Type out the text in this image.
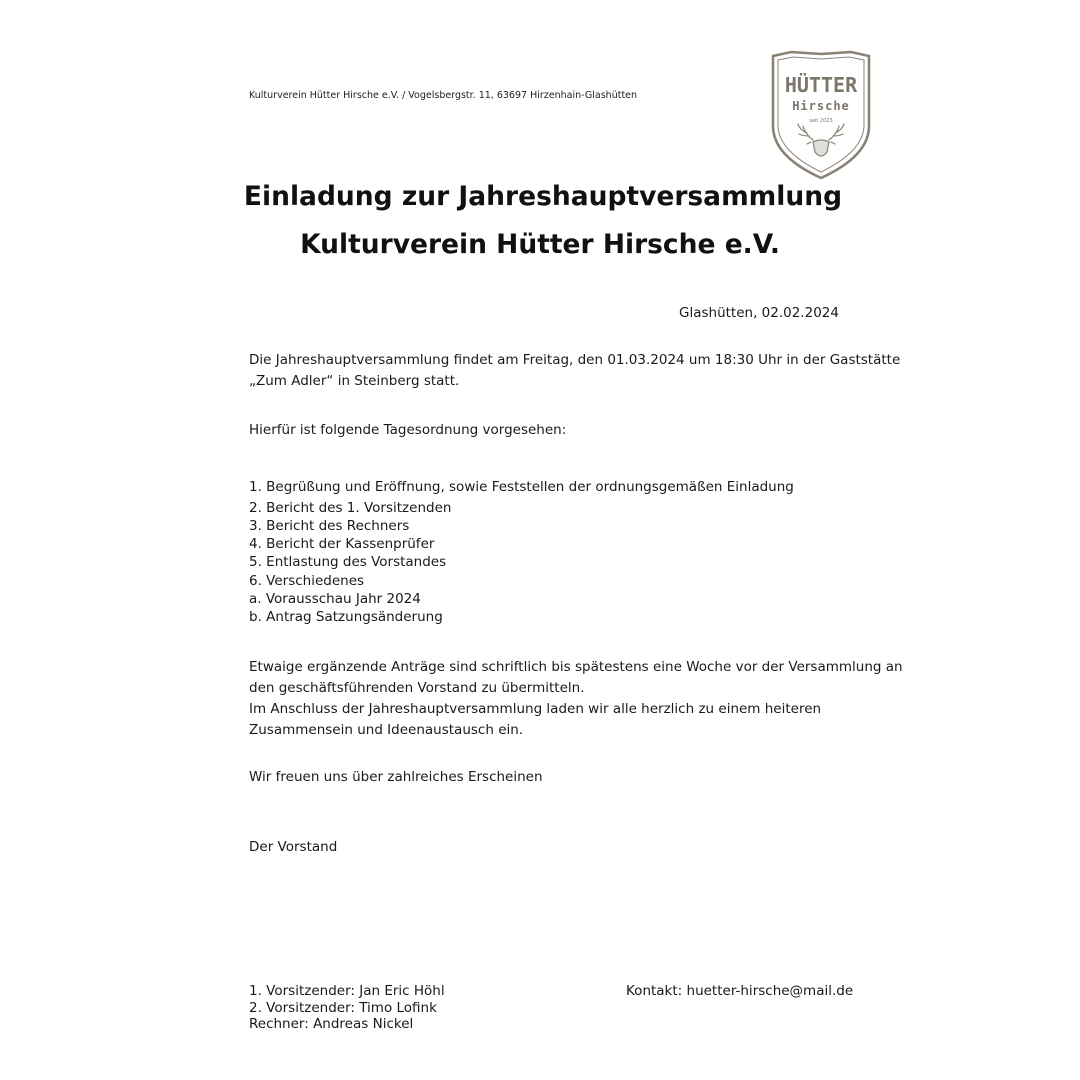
Kulturverein Hütter Hirsche e.V. / Vogelsbergstr. 11, 63697 Hirzenhain-Glashütten	HÜTTER
Hirsche
seit 2023
Einladung zur Jahreshauptversammlung
Kulturverein Hütter Hirsche e.V.
Glashütten, 02.02.2024
Die Jahreshauptversammlung findet am Freitag, den 01.03.2024 um 18:30 Uhr in der Gaststätte
„Zum Adler“ in Steinberg statt.
Hierfür ist folgende Tagesordnung vorgesehen:
1. Begrüßung und Eröffnung, sowie Feststellen der ordnungsgemäßen Einladung
2. Bericht des 1. Vorsitzenden
3. Bericht des Rechners
4. Bericht der Kassenprüfer
5. Entlastung des Vorstandes
6. Verschiedenes
a. Vorausschau Jahr 2024
b. Antrag Satzungsänderung
Etwaige ergänzende Anträge sind schriftlich bis spätestens eine Woche vor der Versammlung an
den geschäftsführenden Vorstand zu übermitteln.
Im Anschluss der Jahreshauptversammlung laden wir alle herzlich zu einem heiteren
Zusammensein und Ideenaustausch ein.
Wir freuen uns über zahlreiches Erscheinen
Der Vorstand
1. Vorsitzender: Jan Eric Höhl
2. Vorsitzender: Timo Lofink
Rechner: Andreas Nickel
Kontakt: huetter-hirsche@mail.de
